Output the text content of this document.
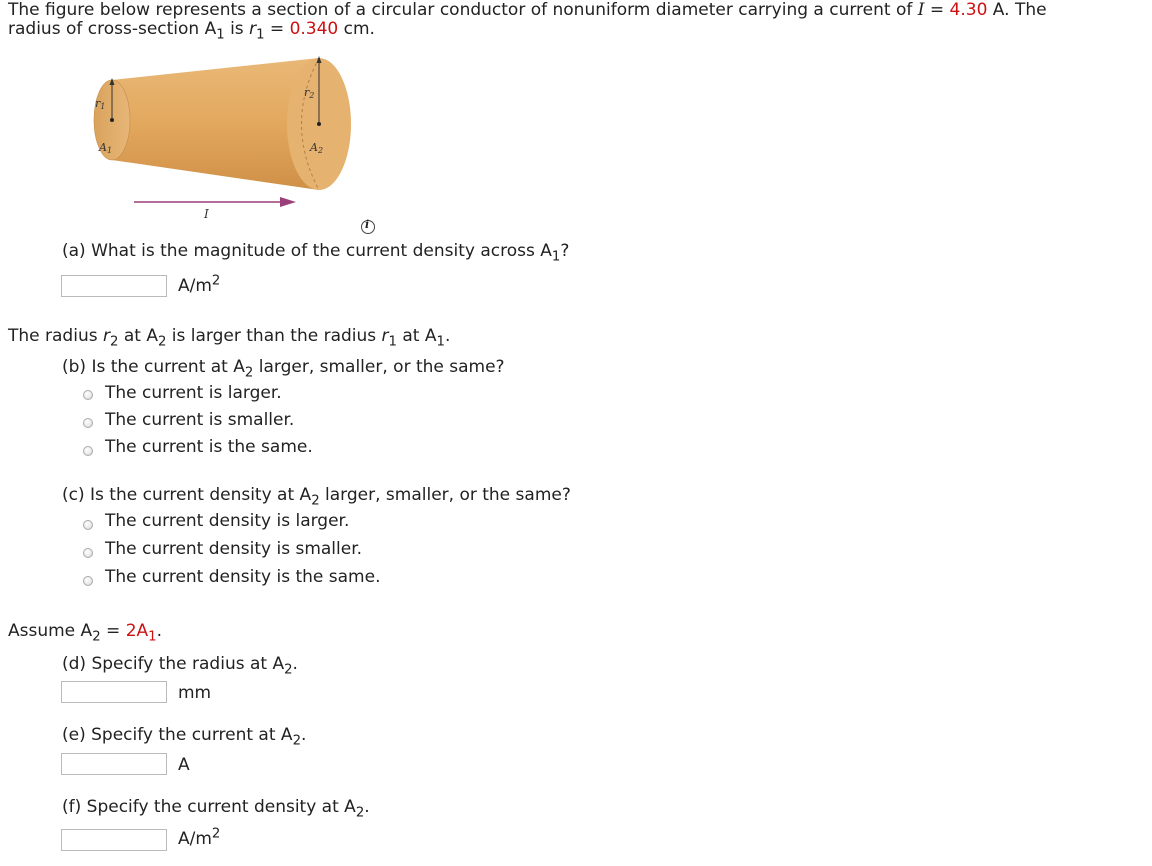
The figure below represents a section of a circular conductor of nonuniform diameter carrying a current of I = 4.30 A. The
radius of cross-section $A_1$ is $r_1 = 0.340$ cm.
r1
r2
A1	A2
I
i
(a) What is the magnitude of the current density across $A_1$?
$A/m^2$
The radius $r_2$ at $A_2$ is larger than the radius $r_1$ at $A_1$.
(b) Is the current at $A_2$ larger, smaller, or the same?
The current is larger.
The current is smaller.
The current is the same.
(c) Is the current density at $A_2$ larger, smaller, or the same?
The current density is larger.
The current density is smaller.
The current density is the same.
Assume $A_2 = 2A_1$.
(d) Specify the radius at $A_2$.
mm
(e) Specify the current at $A_2$.
A
(f) Specify the current density at $A_2$.
$A/m^2$
